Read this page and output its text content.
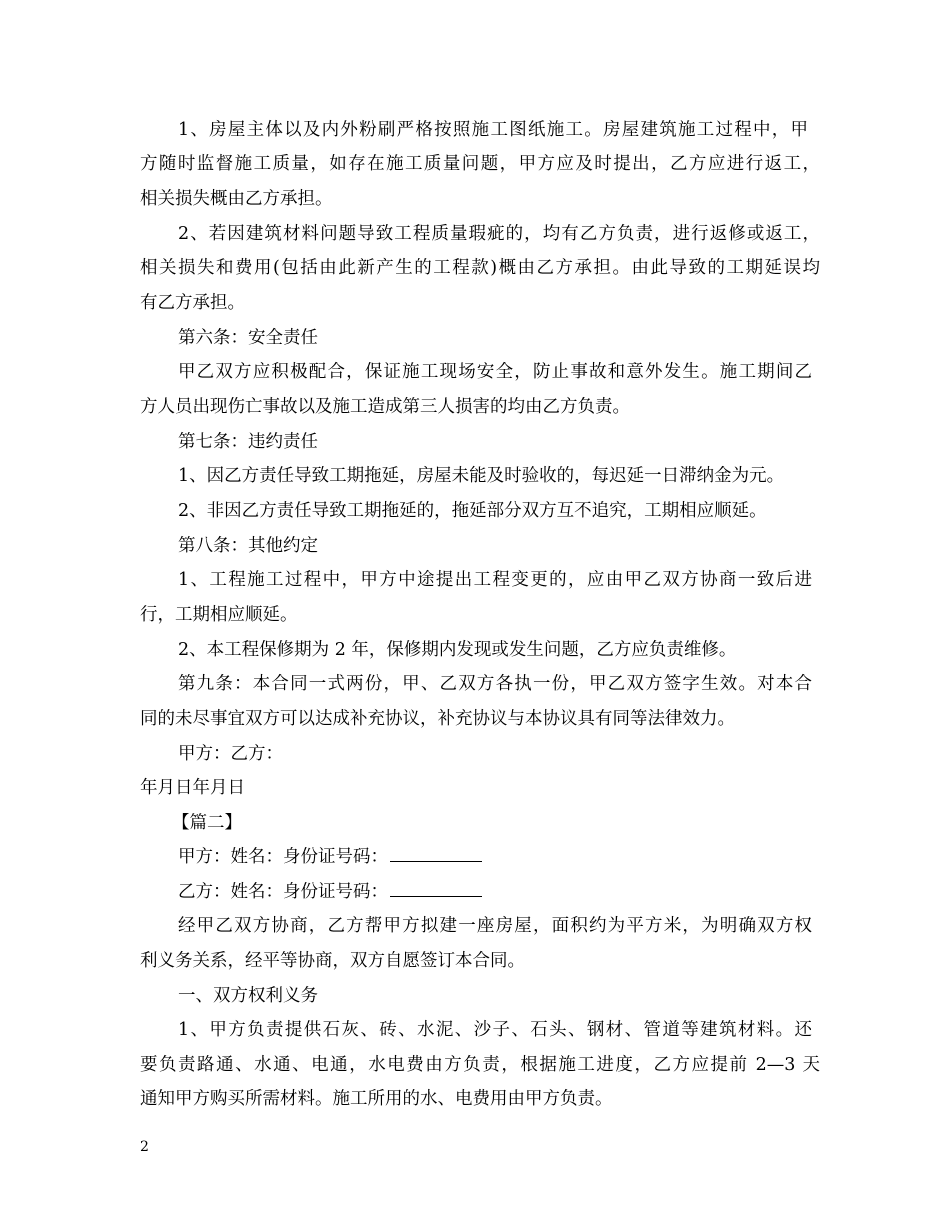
1、房屋主体以及内外粉刷严格按照施工图纸施工。房屋建筑施工过程中，甲
方随时监督施工质量，如存在施工质量问题，甲方应及时提出，乙方应进行返工，
相关损失概由乙方承担。
2、若因建筑材料问题导致工程质量瑕疵的，均有乙方负责，进行返修或返工，
相关损失和费用(包括由此新产生的工程款)概由乙方承担。由此导致的工期延误均
有乙方承担。
第六条：安全责任
甲乙双方应积极配合，保证施工现场安全，防止事故和意外发生。施工期间乙
方人员出现伤亡事故以及施工造成第三人损害的均由乙方负责。
第七条：违约责任
1、因乙方责任导致工期拖延，房屋未能及时验收的，每迟延一日滞纳金为元。
2、非因乙方责任导致工期拖延的，拖延部分双方互不追究，工期相应顺延。
第八条：其他约定
1、工程施工过程中，甲方中途提出工程变更的，应由甲乙双方协商一致后进
行，工期相应顺延。
2、本工程保修期为 2 年，保修期内发现或发生问题，乙方应负责维修。
第九条：本合同一式两份，甲、乙双方各执一份，甲乙双方签字生效。对本合
同的未尽事宜双方可以达成补充协议，补充协议与本协议具有同等法律效力。
甲方：乙方：
年月日年月日
【篇二】
甲方：姓名：身份证号码：
乙方：姓名：身份证号码：
经甲乙双方协商，乙方帮甲方拟建一座房屋，面积约为平方米，为明确双方权
利义务关系，经平等协商，双方自愿签订本合同。
一、双方权利义务
1、甲方负责提供石灰、砖、水泥、沙子、石头、钢材、管道等建筑材料。还
要负责路通、水通、电通，水电费由方负责，根据施工进度，乙方应提前 2—3 天
通知甲方购买所需材料。施工所用的水、电费用由甲方负责。
2
